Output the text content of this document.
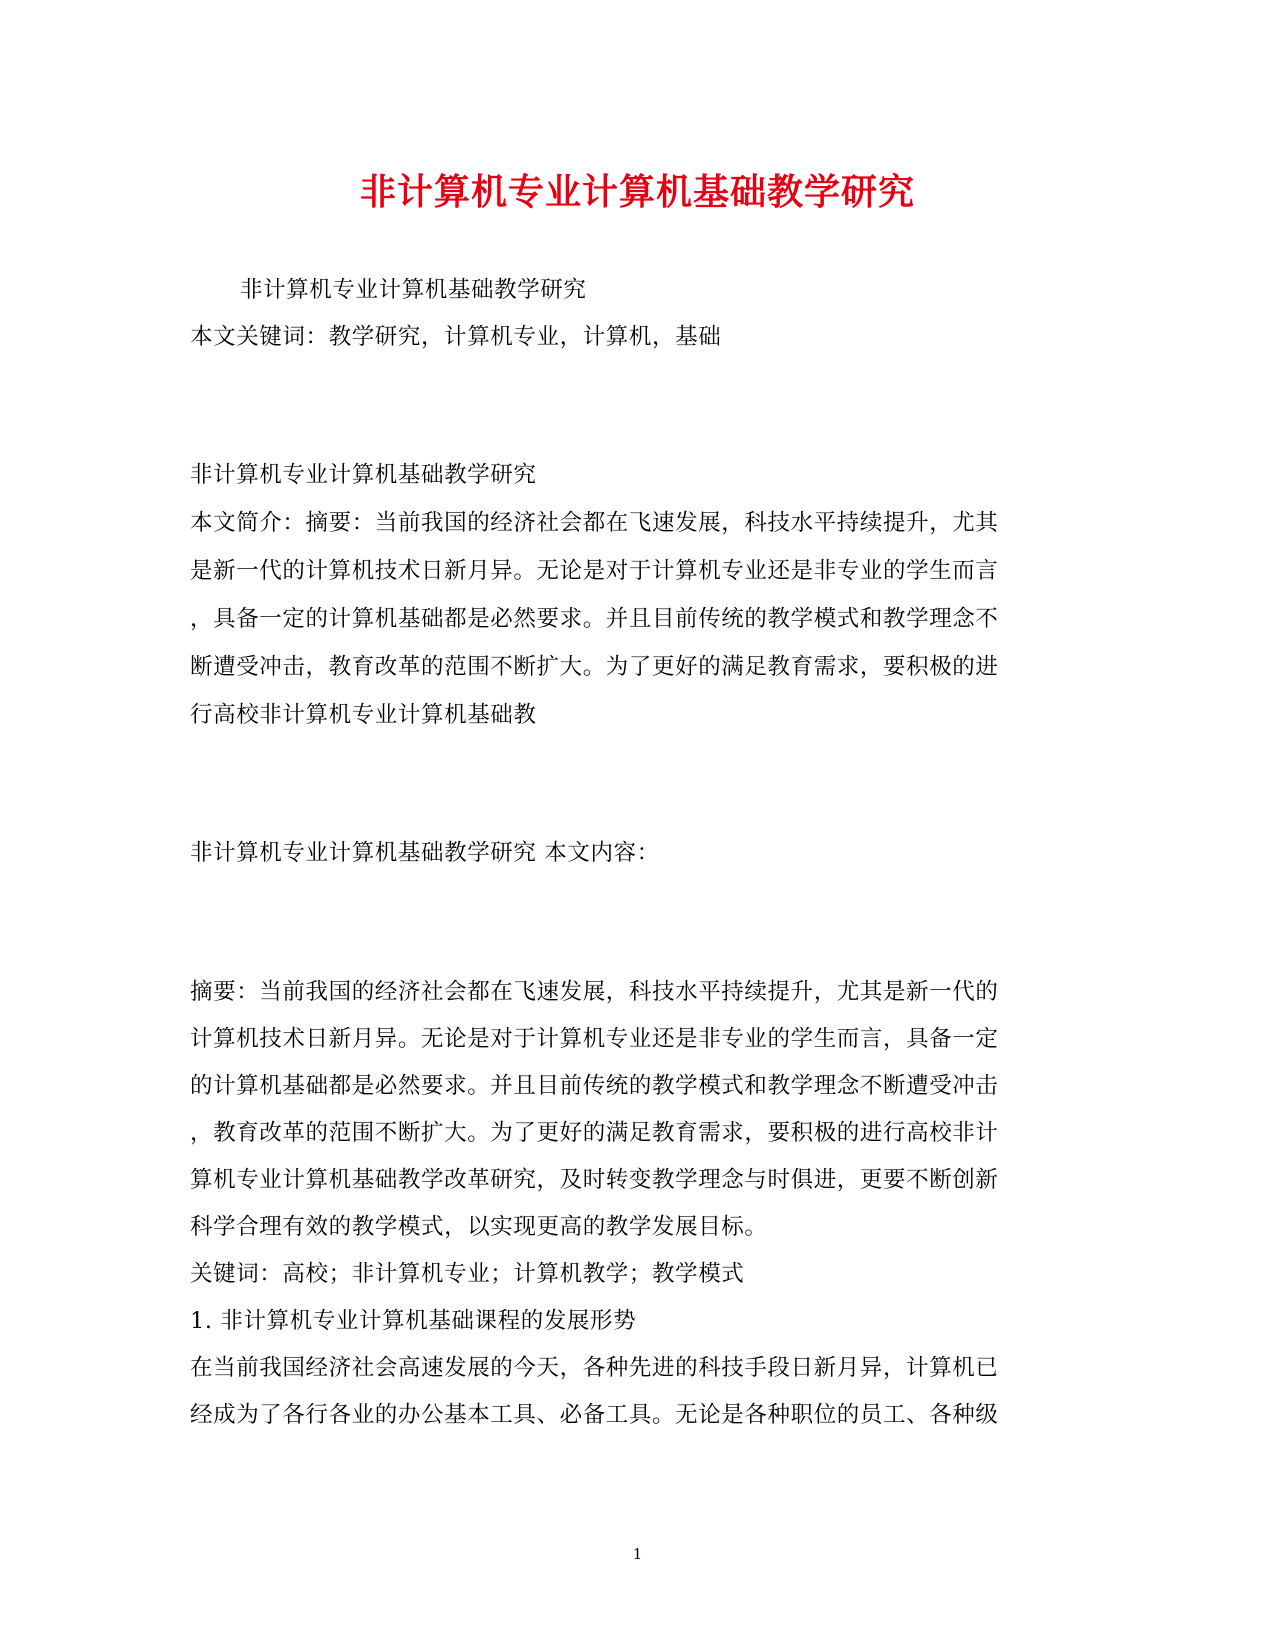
非计算机专业计算机基础教学研究

非计算机专业计算机基础教学研究

本文关键词：教学研究，计算机专业，计算机，基础

非计算机专业计算机基础教学研究

本文简介：摘要：当前我国的经济社会都在飞速发展，科技水平持续提升，尤其

是新一代的计算机技术日新月异。无论是对于计算机专业还是非专业的学生而言

，具备一定的计算机基础都是必然要求。并且目前传统的教学模式和教学理念不

断遭受冲击，教育改革的范围不断扩大。为了更好的满足教育需求，要积极的进

行高校非计算机专业计算机基础教

非计算机专业计算机基础教学研究 本文内容：

摘要：当前我国的经济社会都在飞速发展，科技水平持续提升，尤其是新一代的

计算机技术日新月异。无论是对于计算机专业还是非专业的学生而言，具备一定

的计算机基础都是必然要求。并且目前传统的教学模式和教学理念不断遭受冲击

，教育改革的范围不断扩大。为了更好的满足教育需求，要积极的进行高校非计

算机专业计算机基础教学改革研究，及时转变教学理念与时俱进，更要不断创新

科学合理有效的教学模式，以实现更高的教学发展目标。

关键词：高校；非计算机专业；计算机教学；教学模式

1. 非计算机专业计算机基础课程的发展形势

在当前我国经济社会高速发展的今天，各种先进的科技手段日新月异，计算机已

经成为了各行各业的办公基本工具、必备工具。无论是各种职位的员工、各种级

1
